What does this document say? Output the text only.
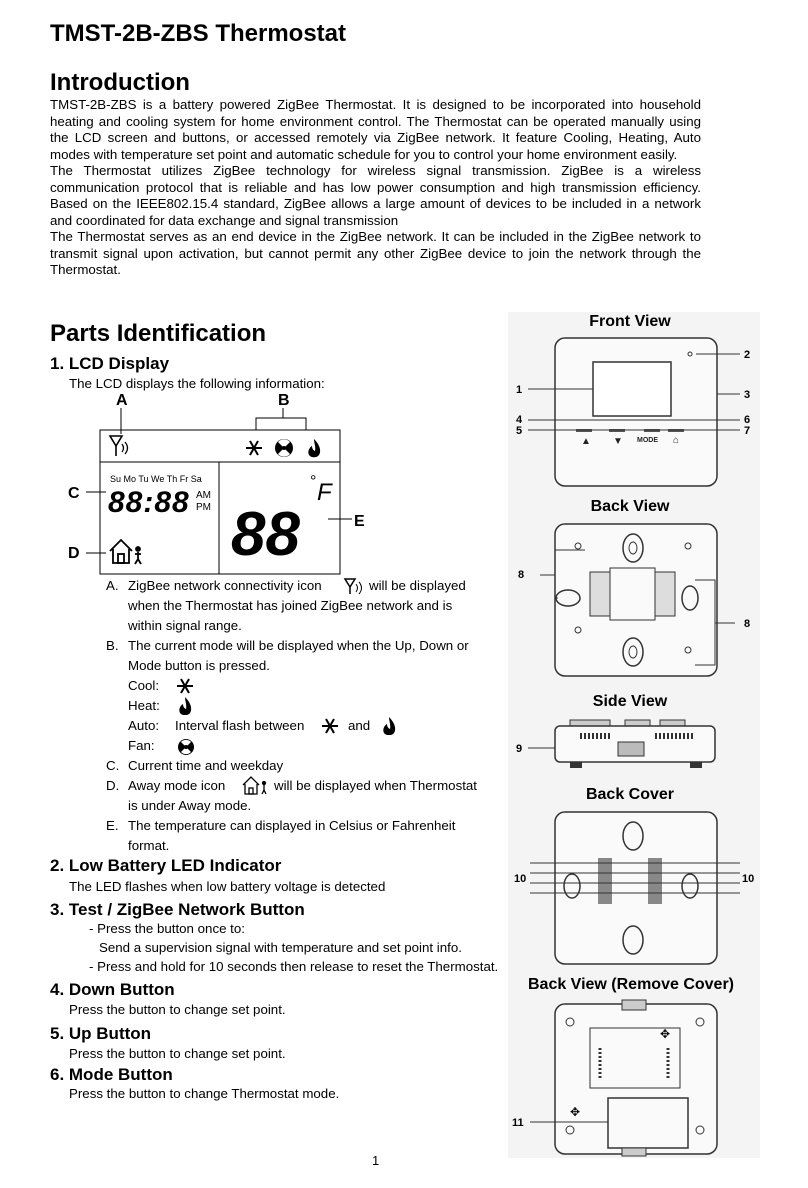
TMST-2B-ZBS Thermostat
Introduction
TMST-2B-ZBS is a battery powered ZigBee Thermostat. It is designed to be incorporated into household heating and cooling system for home environment control. The Thermostat can be operated manually using the LCD screen and buttons, or accessed remotely via ZigBee network. It feature Cooling, Heating, Auto modes with temperature set point and automatic schedule for you to control your home environment easily.
The Thermostat utilizes ZigBee technology for wireless signal transmission. ZigBee is a wireless communication protocol that is reliable and has low power consumption and high transmission efficiency. Based on the IEEE802.15.4 standard, ZigBee allows a large amount of devices to be included in a network and coordinated for data exchange and signal transmission
The Thermostat serves as an end device in the ZigBee network. It can be included in the ZigBee network to transmit signal upon activation, but cannot permit any other ZigBee device to join the network through the Thermostat.
Parts Identification
1. LCD Display
The LCD displays the following information:
A	B
C
D
E
Su Mo Tu We Th Fr Sa
88:88 AM
PM 88
° F
A. ZigBee network connectivity icon	will be displayed
when the Thermostat has joined ZigBee network and is
within signal range.
B. The current mode will be displayed when the Up, Down or
Mode button is pressed.
Cool:
Heat:
Auto: Interval flash between	and
Fan:
C. Current time and weekday
D. Away mode icon	will be displayed when Thermostat
is under Away mode.
E. The temperature can displayed in Celsius or Fahrenheit
format.
2. Low Battery LED Indicator
The LED flashes when low battery voltage is detected
3. Test / ZigBee Network Button
- Press the button once to:
Send a supervision signal with temperature and set point info.
- Press and hold for 10 seconds then release to reset the Thermostat.
4. Down Button
Press the button to change set point.
5. Up Button
Press the button to change set point.
6. Mode Button
Press the button to change Thermostat mode.
1
Front View
▲ ▼ MODE ⌂
1
2
3
4
5
6
7
Back View
8
8
Side View
9
Back Cover
10	10
Back View (Remove Cover)
✥
✥
11
